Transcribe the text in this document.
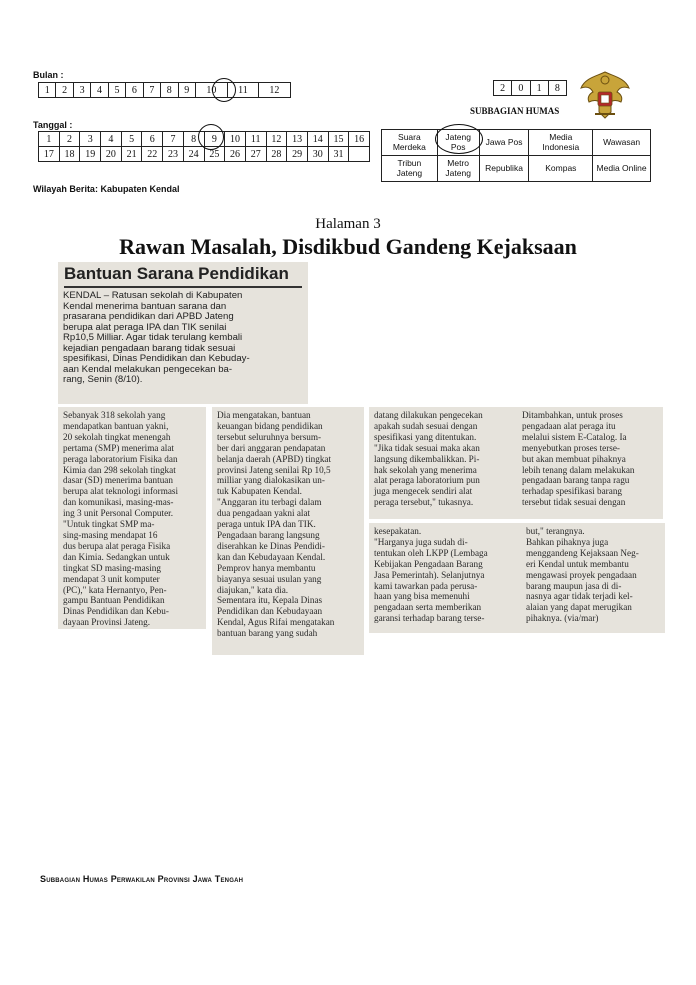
Bulan :
1	2	3	4	5	6	7	8	9	10	11	12
Tanggal :
1	2	3	4	5	6	7	8	9	10	11	12	13	14	15	16
17	18	19	20	21	22	23	24	25	26	27	28	29	30	31	
2	0	1	8
SUBBAGIAN HUMAS
Suara Merdeka	Jateng Pos	Jawa Pos	Media Indonesia	Wawasan
Tribun Jateng	Metro Jateng	Republika	Kompas	Media Online
Wilayah Berita: Kabupaten Kendal
Halaman 3
Rawan Masalah, Disdikbud Gandeng Kejaksaan
Bantuan Sarana Pendidikan
KENDAL – Ratusan sekolah di Kabupaten
Kendal menerima bantuan sarana dan
prasarana pendidikan dari APBD Jateng
berupa alat peraga IPA dan TIK senilai
Rp10,5 Milliar. Agar tidak terulang kembali
kejadian pengadaan barang tidak sesuai
spesifikasi, Dinas Pendidikan dan Kebuday-
aan Kendal melakukan pengecekan ba-
rang, Senin (8/10).
Sebanyak 318 sekolah yang
mendapatkan bantuan yakni,
20 sekolah tingkat menengah
pertama (SMP) menerima alat
peraga laboratorium Fisika dan
Kimia dan 298 sekolah tingkat
dasar (SD) menerima bantuan
berupa alat teknologi informasi
dan komunikasi, masing-mas-
ing 3 unit Personal Computer.
"Untuk tingkat SMP ma-
sing-masing mendapat 16
dus berupa alat peraga Fisika
dan Kimia. Sedangkan untuk
tingkat SD masing-masing
mendapat 3 unit komputer
(PC)," kata Hernantyo, Pen-
gampu Bantuan Pendidikan
Dinas Pendidikan dan Kebu-
dayaan Provinsi Jateng.
Dia mengatakan, bantuan
keuangan bidang pendidikan
tersebut seluruhnya bersum-
ber dari anggaran pendapatan
belanja daerah (APBD) tingkat
provinsi Jateng senilai Rp 10,5
milliar yang dialokasikan un-
tuk Kabupaten Kendal.
"Anggaran itu terbagi dalam
dua pengadaan yakni alat
peraga untuk IPA dan TIK.
Pengadaan barang langsung
diserahkan ke Dinas Pendidi-
kan dan Kebudayaan Kendal.
Pemprov hanya membantu
biayanya sesuai usulan yang
diajukan," kata dia.
Sementara itu, Kepala Dinas
Pendidikan dan Kebudayaan
Kendal, Agus Rifai mengatakan
bantuan barang yang sudah
datang dilakukan pengecekan
apakah sudah sesuai dengan
spesifikasi yang ditentukan.
"Jika tidak sesuai maka akan
langsung dikembalikkan. Pi-
hak sekolah yang menerima
alat peraga laboratorium pun
juga mengecek sendiri alat
peraga tersebut," tukasnya.
Ditambahkan, untuk proses
pengadaan alat peraga itu
melalui sistem E-Catalog. Ia
menyebutkan proses terse-
but akan membuat pihaknya
lebih tenang dalam melakukan
pengadaan barang tanpa ragu
terhadap spesifikasi barang
tersebut tidak sesuai dengan
kesepakatan.
"Harganya juga sudah di-
tentukan oleh LKPP (Lembaga
Kebijakan Pengadaan Barang
Jasa Pemerintah). Selanjutnya
kami tawarkan pada perusa-
haan yang bisa memenuhi
pengadaan serta memberikan
garansi terhadap barang terse-
but," terangnya.
Bahkan pihaknya juga
menggandeng Kejaksaan Neg-
eri Kendal untuk membantu
mengawasi proyek pengadaan
barang maupun jasa di di-
nasnya agar tidak terjadi kel-
alaian yang dapat merugikan
pihaknya. (via/mar)
Subbagian Humas Perwakilan Provinsi Jawa Tengah
